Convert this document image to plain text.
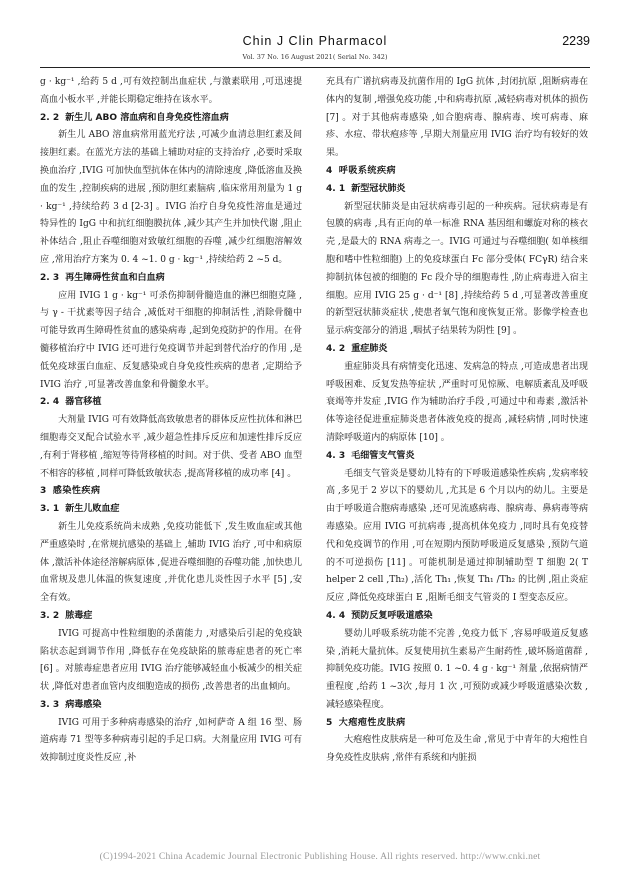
Chin J Clin Pharmacol	2239
Vol. 37 No. 16 August 2021( Serial No. 342)

g · kg⁻¹ ,给药 5 d ,可有效控制出血症状 ,与激素联用 ,可迅速提高血小板水平 ,并能长期稳定维持在该水平。

2. 2 新生儿 ABO 溶血病和自身免疫性溶血病

新生儿 ABO 溶血病常用蓝光疗法 ,可减少血清总胆红素及间接胆红素。在蓝光方法的基础上辅助对症的支持治疗 ,必要时采取换血治疗 ,IVIG 可加快血型抗体在体内的清除速度 ,降低溶血及换血的发生 ,控制疾病的进展 ,预防胆红素脑病 ,临床常用剂量为 1 g · kg⁻¹ ,持续给药 3 d [2-3] 。IVIG 治疗自身免疫性溶血是通过特异性的 IgG 中和抗红细胞膜抗体 ,减少其产生并加快代谢 ,阻止补体结合 ,阻止吞噬细胞对致敏红细胞的吞噬 ,减少红细胞溶解效应 ,常用治疗方案为 0. 4 ~1. 0 g · kg⁻¹ ,持续给药 2 ~5 d。

2. 3 再生障碍性贫血和白血病

应用 IVIG 1 g · kg⁻¹ 可杀伤抑制骨髓造血的淋巴细胞克隆 ,与 γ - 干扰素等因子结合 ,减低对干细胞的抑制活性 ,消除骨髓中可能导致再生障碍性贫血的感染病毒 ,起到免疫防护的作用。在骨髓移植治疗中 IVIG 还可进行免疫调节并起到替代治疗的作用 ,是低免疫球蛋白血症、反复感染或自身免疫性疾病的患者 ,定期给予 IVIG 治疗 ,可显著改善血象和骨髓象水平。

2. 4 器官移植

大剂量 IVIG 可有效降低高致敏患者的群体反应性抗体和淋巴细胞毒交叉配合试验水平 ,减少超急性排斥反应和加速性排斥反应 ,有利于肾移植 ,缩短等待肾移植的时间。对于供、受者 ABO 血型不相容的移植 ,同样可降低致敏状态 ,提高肾移植的成功率 [4] 。

3 感染性疾病
3. 1 新生儿败血症

新生儿免疫系统尚未成熟 ,免疫功能低下 ,发生败血症或其他严重感染时 ,在常规抗感染的基础上 ,辅助 IVIG 治疗 ,可中和病原体 ,激活补体途径溶解病原体 ,促进吞噬细胞的吞噬功能 ,加快患儿血常规及患儿体温的恢复速度 ,并优化患儿炎性因子水平 [5] ,安全有效。

3. 2 脓毒症

IVIG 可提高中性粒细胞的杀菌能力 ,对感染后引起的免疫缺陷状态起到调节作用 ,降低存在免疫缺陷的脓毒症患者的死亡率 [6] 。对脓毒症患者应用 IVIG 治疗能够减轻血小板减少的相关症状 ,降低对患者血管内皮细胞造成的损伤 ,改善患者的出血倾向。

3. 3 病毒感染

IVIG 可用于多种病毒感染的治疗 ,如柯萨奇 A 组 16 型、肠道病毒 71 型等多种病毒引起的手足口病。大剂量应用 IVIG 可有效抑制过度炎性反应 ,补

充具有广谱抗病毒及抗菌作用的 IgG 抗体 ,封闭抗原 ,阻断病毒在体内的复制 ,增强免疫功能 ,中和病毒抗原 ,减轻病毒对机体的损伤 [7] 。对于其他病毒感染 ,如合胞病毒、腺病毒、埃可病毒、麻疹、水痘、带状疱疹等 ,早期大剂量应用 IVIG 治疗均有较好的效果。

4 呼吸系统疾病
4. 1 新型冠状肺炎

新型冠状肺炎是由冠状病毒引起的一种疾病。冠状病毒是有包膜的病毒 ,具有正向的单一标准 RNA 基因组和螺旋对称的核衣壳 ,是最大的 RNA 病毒之一。IVIG 可通过与吞噬细胞( 如单核细胞和嗜中性粒细胞) 上的免疫球蛋白 Fc 部分受体( FCγR) 结合来抑制抗体包被的细胞的 Fc 段介导的细胞毒性 ,防止病毒进入宿主细胞。应用 IVIG 25 g · d⁻¹ [8] ,持续给药 5 d ,可显著改善重度的新型冠状肺炎症状 ,使患者氧气饱和度恢复正常。影像学检查也显示病变部分的消退 ,咽拭子结果转为阴性 [9] 。

4. 2 重症肺炎

重症肺炎具有病情变化迅速、发病急的特点 ,可造成患者出现呼吸困难、反复发热等症状 ,严重时可见惊厥、电解质紊乱及呼吸衰竭等并发症 ,IVIG 作为辅助治疗手段 ,可通过中和毒素 ,激活补体等途径促进重症肺炎患者体液免疫的提高 ,减轻病情 ,同时快速清除呼吸道内的病原体 [10] 。

4. 3 毛细管支气管炎

毛细支气管炎是婴幼儿特有的下呼吸道感染性疾病 ,发病率较高 ,多见于 2 岁以下的婴幼儿 ,尤其是 6 个月以内的幼儿。主要是由于呼吸道合胞病毒感染 ,还可见流感病毒、腺病毒、鼻病毒等病毒感染。应用 IVIG 可抗病毒 ,提高机体免疫力 ,同时具有免疫替代和免疫调节的作用 ,可在短期内预防呼吸道反复感染 ,预防气道的不可逆损伤 [11] 。可能机制是通过抑制辅助型 T 细胞 2( T helper 2 cell ,Th₂) ,活化 Th₁ ,恢复 Th₁ /Th₂ 的比例 ,阻止炎症反应 ,降低免疫球蛋白 E ,阻断毛细支气管炎的 I 型变态反应。

4. 4 预防反复呼吸道感染

婴幼儿呼吸系统功能不完善 ,免疫力低下 ,容易呼吸道反复感染 ,消耗大量抗体。反复使用抗生素易产生耐药性 ,破坏肠道菌群 ,抑制免疫功能。IVIG 按照 0. 1 ~0. 4 g · kg⁻¹ 剂量 ,依据病情严重程度 ,给药 1 ~3次 ,每月 1 次 ,可预防或减少呼吸道感染次数 ,减轻感染程度。

5 大疱疱性皮肤病

大疱疱性皮肤病是一种可危及生命 ,常见于中青年的大疱性自身免疫性皮肤病 ,常伴有系统和内脏损

(C)1994-2021 China Academic Journal Electronic Publishing House. All rights reserved. http://www.cnki.net
